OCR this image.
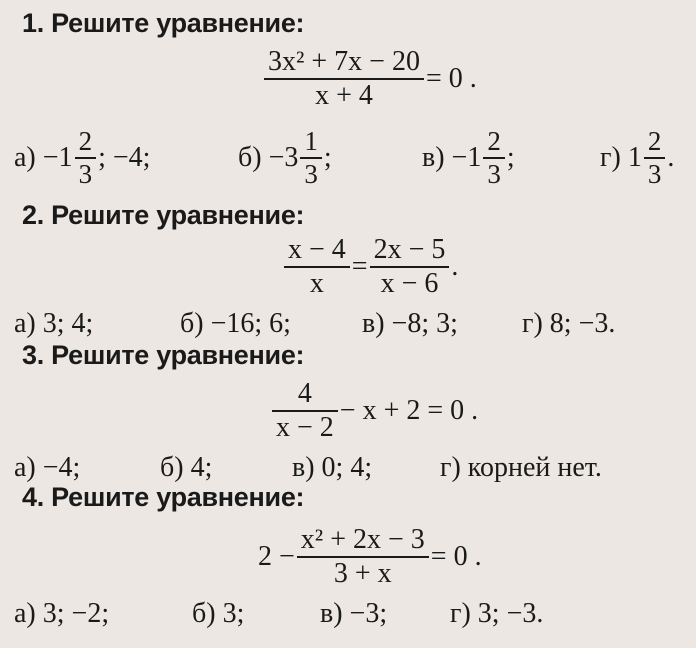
1. Решите уравнение:
$\frac{\text{3x² + 7x − 20}}{x + 4} = 0$ .
а)
$-1 \frac{2}{3}$ ; −4;	б)
$-3 \frac{1}{3}$ ;	в)
$-1 \frac{2}{3}$ ;	г)
$1 \frac{2}{3}$ .
2. Решите уравнение:
$\frac{x - 4}{x} = \frac{2x - 5}{x - 6}$ .
а) 3; 4;	б) −16; 6;	в) −8; 3; г) 8; −3.
3. Решите уравнение:
$\frac{4}{x - 2} - x + 2 = 0$ .
а) −4;	б) 4;	в) 0; 4; г) корней нет.
4. Решите уравнение:
$2 - \frac{\text{x² + 2x − 3}}{3 + x} = 0$ .
а) 3; −2;	б) 3;	в) −3; г) 3; −3.
